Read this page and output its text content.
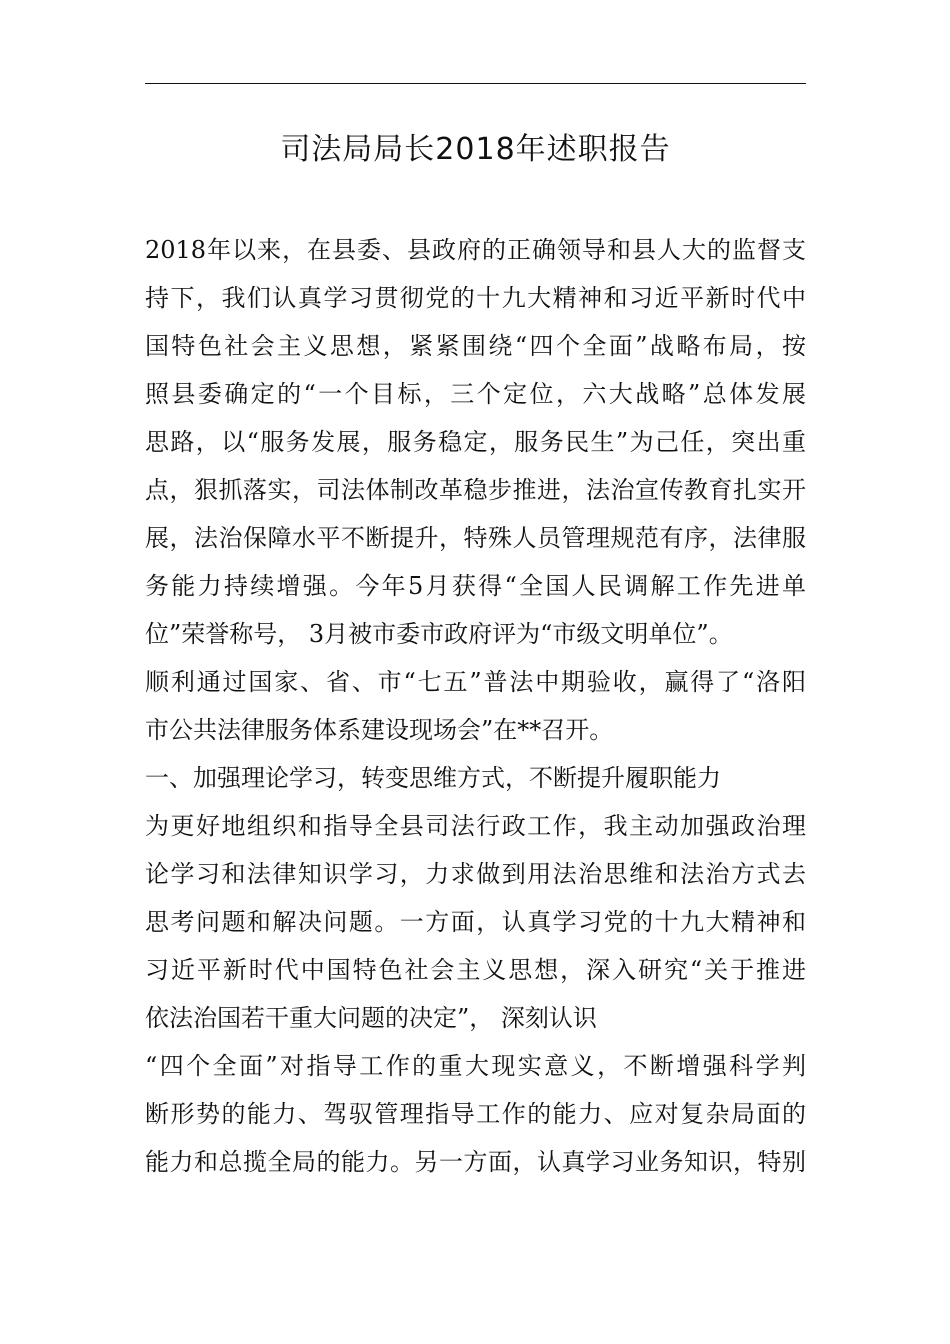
司法局局长2018年述职报告
2018年以来，在县委、县政府的正确领导和县人大的监督支
持下，我们认真学习贯彻党的十九大精神和习近平新时代中
国特色社会主义思想，紧紧围绕“四个全面”战略布局，按
照县委确定的“一个目标，三个定位，六大战略”总体发展
思路，以“服务发展，服务稳定，服务民生”为己任，突出重
点，狠抓落实，司法体制改革稳步推进，法治宣传教育扎实开
展，法治保障水平不断提升，特殊人员管理规范有序，法律服
务能力持续增强。今年5月获得“全国人民调解工作先进单
位”荣誉称号， 3月被市委市政府评为“市级文明单位”。
顺利通过国家、省、市“七五”普法中期验收，赢得了“洛阳
市公共法律服务体系建设现场会”在**召开。
一、加强理论学习，转变思维方式，不断提升履职能力
为更好地组织和指导全县司法行政工作，我主动加强政治理
论学习和法律知识学习，力求做到用法治思维和法治方式去
思考问题和解决问题。一方面，认真学习党的十九大精神和
习近平新时代中国特色社会主义思想，深入研究“关于推进
依法治国若干重大问题的决定”， 深刻认识
“四个全面”对指导工作的重大现实意义，不断增强科学判
断形势的能力、驾驭管理指导工作的能力、应对复杂局面的
能力和总揽全局的能力。另一方面，认真学习业务知识，特别
